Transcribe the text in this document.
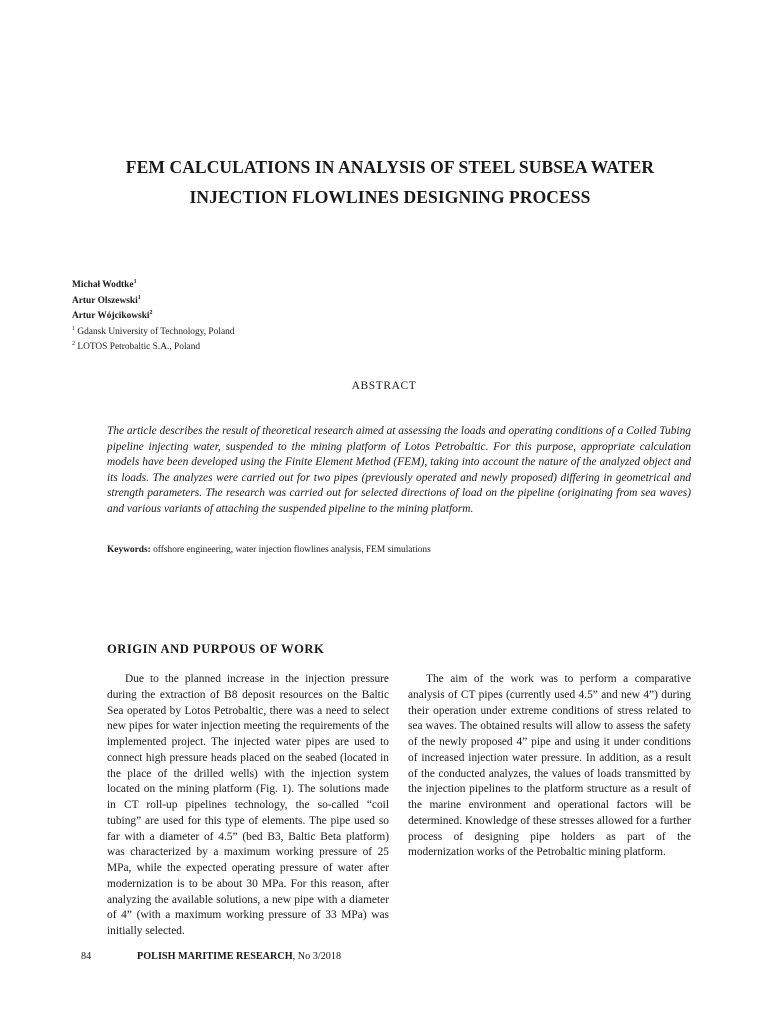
FEM CALCULATIONS IN ANALYSIS OF STEEL SUBSEA WATER
INJECTION FLOWLINES DESIGNING PROCESS
Michał Wodtke$^1$
Artur Olszewski$^1$
Artur Wójcikowski$^2$
$^1$ Gdansk University of Technology, Poland
$^2$ LOTOS Petrobaltic S.A., Poland
ABSTRACT

The article describes the result of theoretical research aimed at assessing the loads and operating conditions of a Coiled Tubing pipeline injecting water, suspended to the mining platform of Lotos Petrobaltic. For this purpose, appropriate calculation models have been developed using the Finite Element Method (FEM), taking into account the nature of the analyzed object and its loads. The analyzes were carried out for two pipes (previously operated and newly proposed) differing in geometrical and strength parameters. The research was carried out for selected directions of load on the pipeline (originating from sea waves) and various variants of attaching the suspended pipeline to the mining platform.

Keywords: offshore engineering, water injection flowlines analysis, FEM simulations

ORIGIN AND PURPOUS OF WORK

Due to the planned increase in the injection pressure during the extraction of B8 deposit resources on the Baltic Sea operated by Lotos Petrobaltic, there was a need to select new pipes for water injection meeting the requirements of the implemented project. The injected water pipes are used to connect high pressure heads placed on the seabed (located in the place of the drilled wells) with the injection system located on the mining platform (Fig. 1). The solutions made in CT roll-up pipelines technology, the so-called “coil tubing” are used for this type of elements. The pipe used so far with a diameter of 4.5” (bed B3, Baltic Beta platform) was characterized by a maximum working pressure of 25 MPa, while the expected operating pressure of water after modernization is to be about 30 MPa. For this reason, after analyzing the available solutions, a new pipe with a diameter of 4” (with a maximum working pressure of 33 MPa) was initially selected.

The aim of the work was to perform a comparative analysis of CT pipes (currently used 4.5” and new 4”) during their operation under extreme conditions of stress related to sea waves. The obtained results will allow to assess the safety of the newly proposed 4” pipe and using it under conditions of increased injection water pressure. In addition, as a result of the conducted analyzes, the values of loads transmitted by the injection pipelines to the platform structure as a result of the marine environment and operational factors will be determined. Knowledge of these stresses allowed for a further process of designing pipe holders as part of the modernization works of the Petrobaltic mining platform.

84	POLISH MARITIME RESEARCH, No 3/2018
